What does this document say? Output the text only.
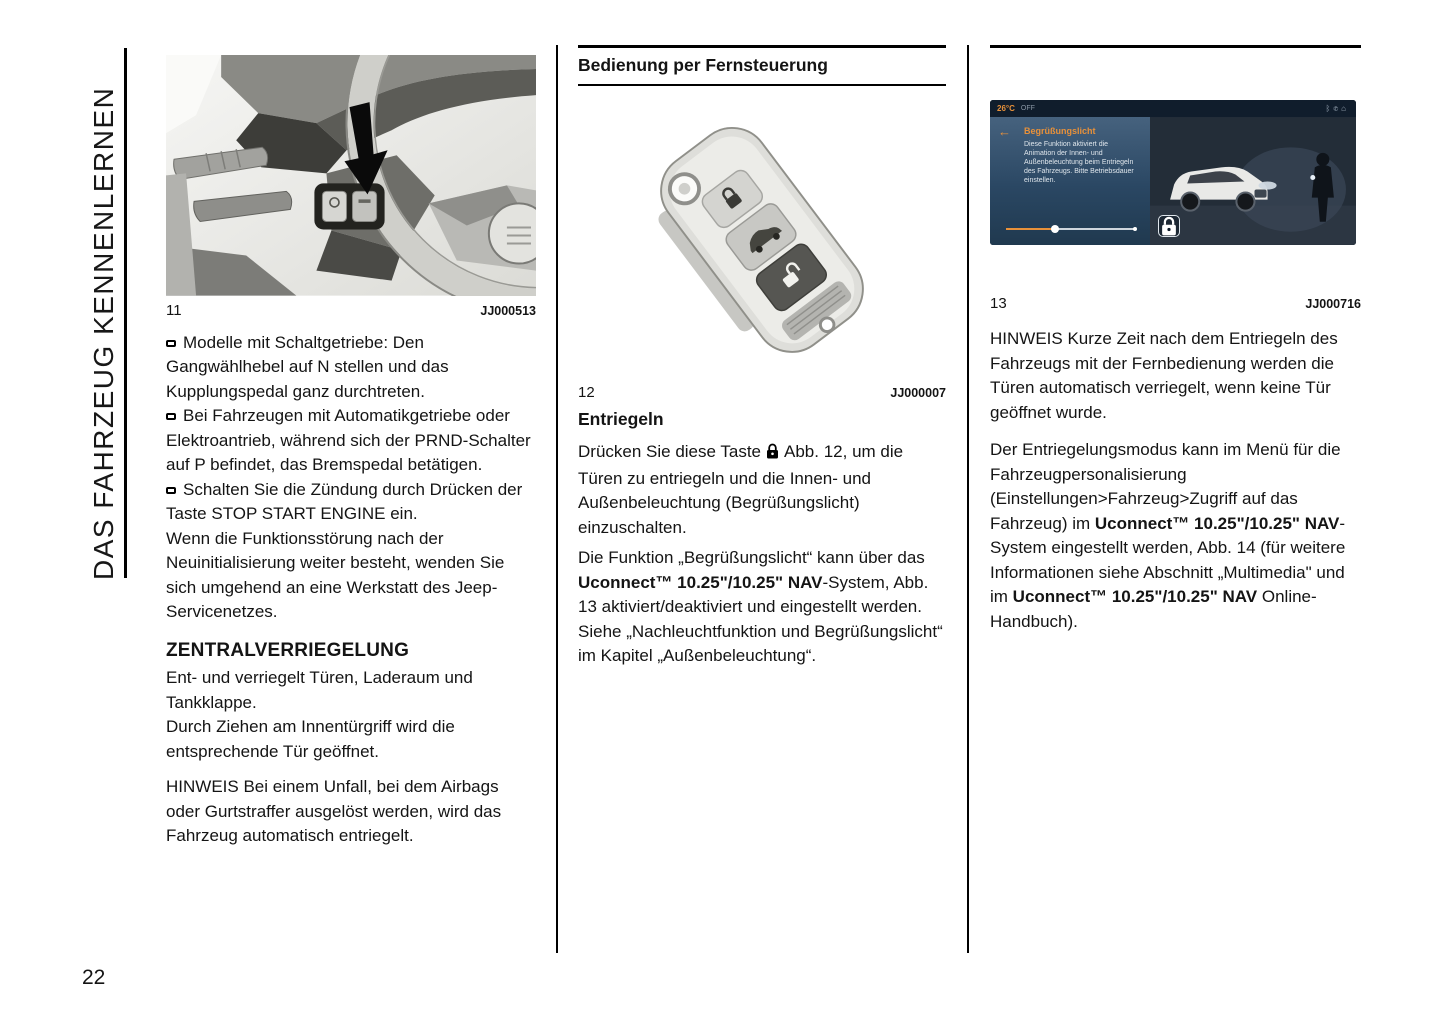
DAS FAHRZEUG KENNENLERNEN	11	JJ000513

Modelle mit Schaltgetriebe: Den Gangwählhebel auf N stellen und das Kupplungspedal ganz durchtreten.

Bei Fahrzeugen mit Automatikgetriebe oder Elektroantrieb, während sich der PRND-Schalter auf P befindet, das Bremspedal betätigen.

Schalten Sie die Zündung durch Drücken der Taste STOP START ENGINE ein.

Wenn die Funktionsstörung nach der Neuinitialisierung weiter besteht, wenden Sie sich umgehend an eine Werkstatt des Jeep-Servicenetzes.

ZENTRALVERRIEGELUNG

Ent- und verriegelt Türen, Laderaum und Tankklappe.

Durch Ziehen am Innentürgriff wird die entsprechende Tür geöffnet.

HINWEIS Bei einem Unfall, bei dem Airbags oder Gurtstraffer ausgelöst werden, wird das Fahrzeug automatisch entriegelt.

Bedienung per Fernsteuerung
12	JJ000007
Entriegeln

Drücken Sie diese Taste Abb. 12, um die Türen zu entriegeln und die Innen- und Außenbeleuchtung (Begrüßungslicht) einzuschalten.

Die Funktion „Begrüßungslicht“ kann über das Uconnect™ 10.25"/10.25" NAV-System, Abb. 13 aktiviert/deaktiviert und eingestellt werden. Siehe „Nachleuchtfunktion und Begrüßungslicht“ im Kapitel „Außenbeleuchtung“.

26°C OFF	ᛒ✆⌂
← Begrüßungslicht
Diese Funktion aktiviert die Animation der Innen- und Außenbeleuchtung beim Entriegeln des Fahrzeugs. Bitte Betriebsdauer einstellen.
13	JJ000716

HINWEIS Kurze Zeit nach dem Entriegeln des Fahrzeugs mit der Fernbedienung werden die Türen automatisch verriegelt, wenn keine Tür geöffnet wurde.

Der Entriegelungsmodus kann im Menü für die Fahrzeugpersonalisierung (Einstellungen>Fahrzeug>Zugriff auf das Fahrzeug) im Uconnect™ 10.25"/10.25" NAV-System eingestellt werden, Abb. 14 (für weitere Informationen siehe Abschnitt „Multimedia" und im Uconnect™ 10.25"/10.25" NAV Online-Handbuch).

22
